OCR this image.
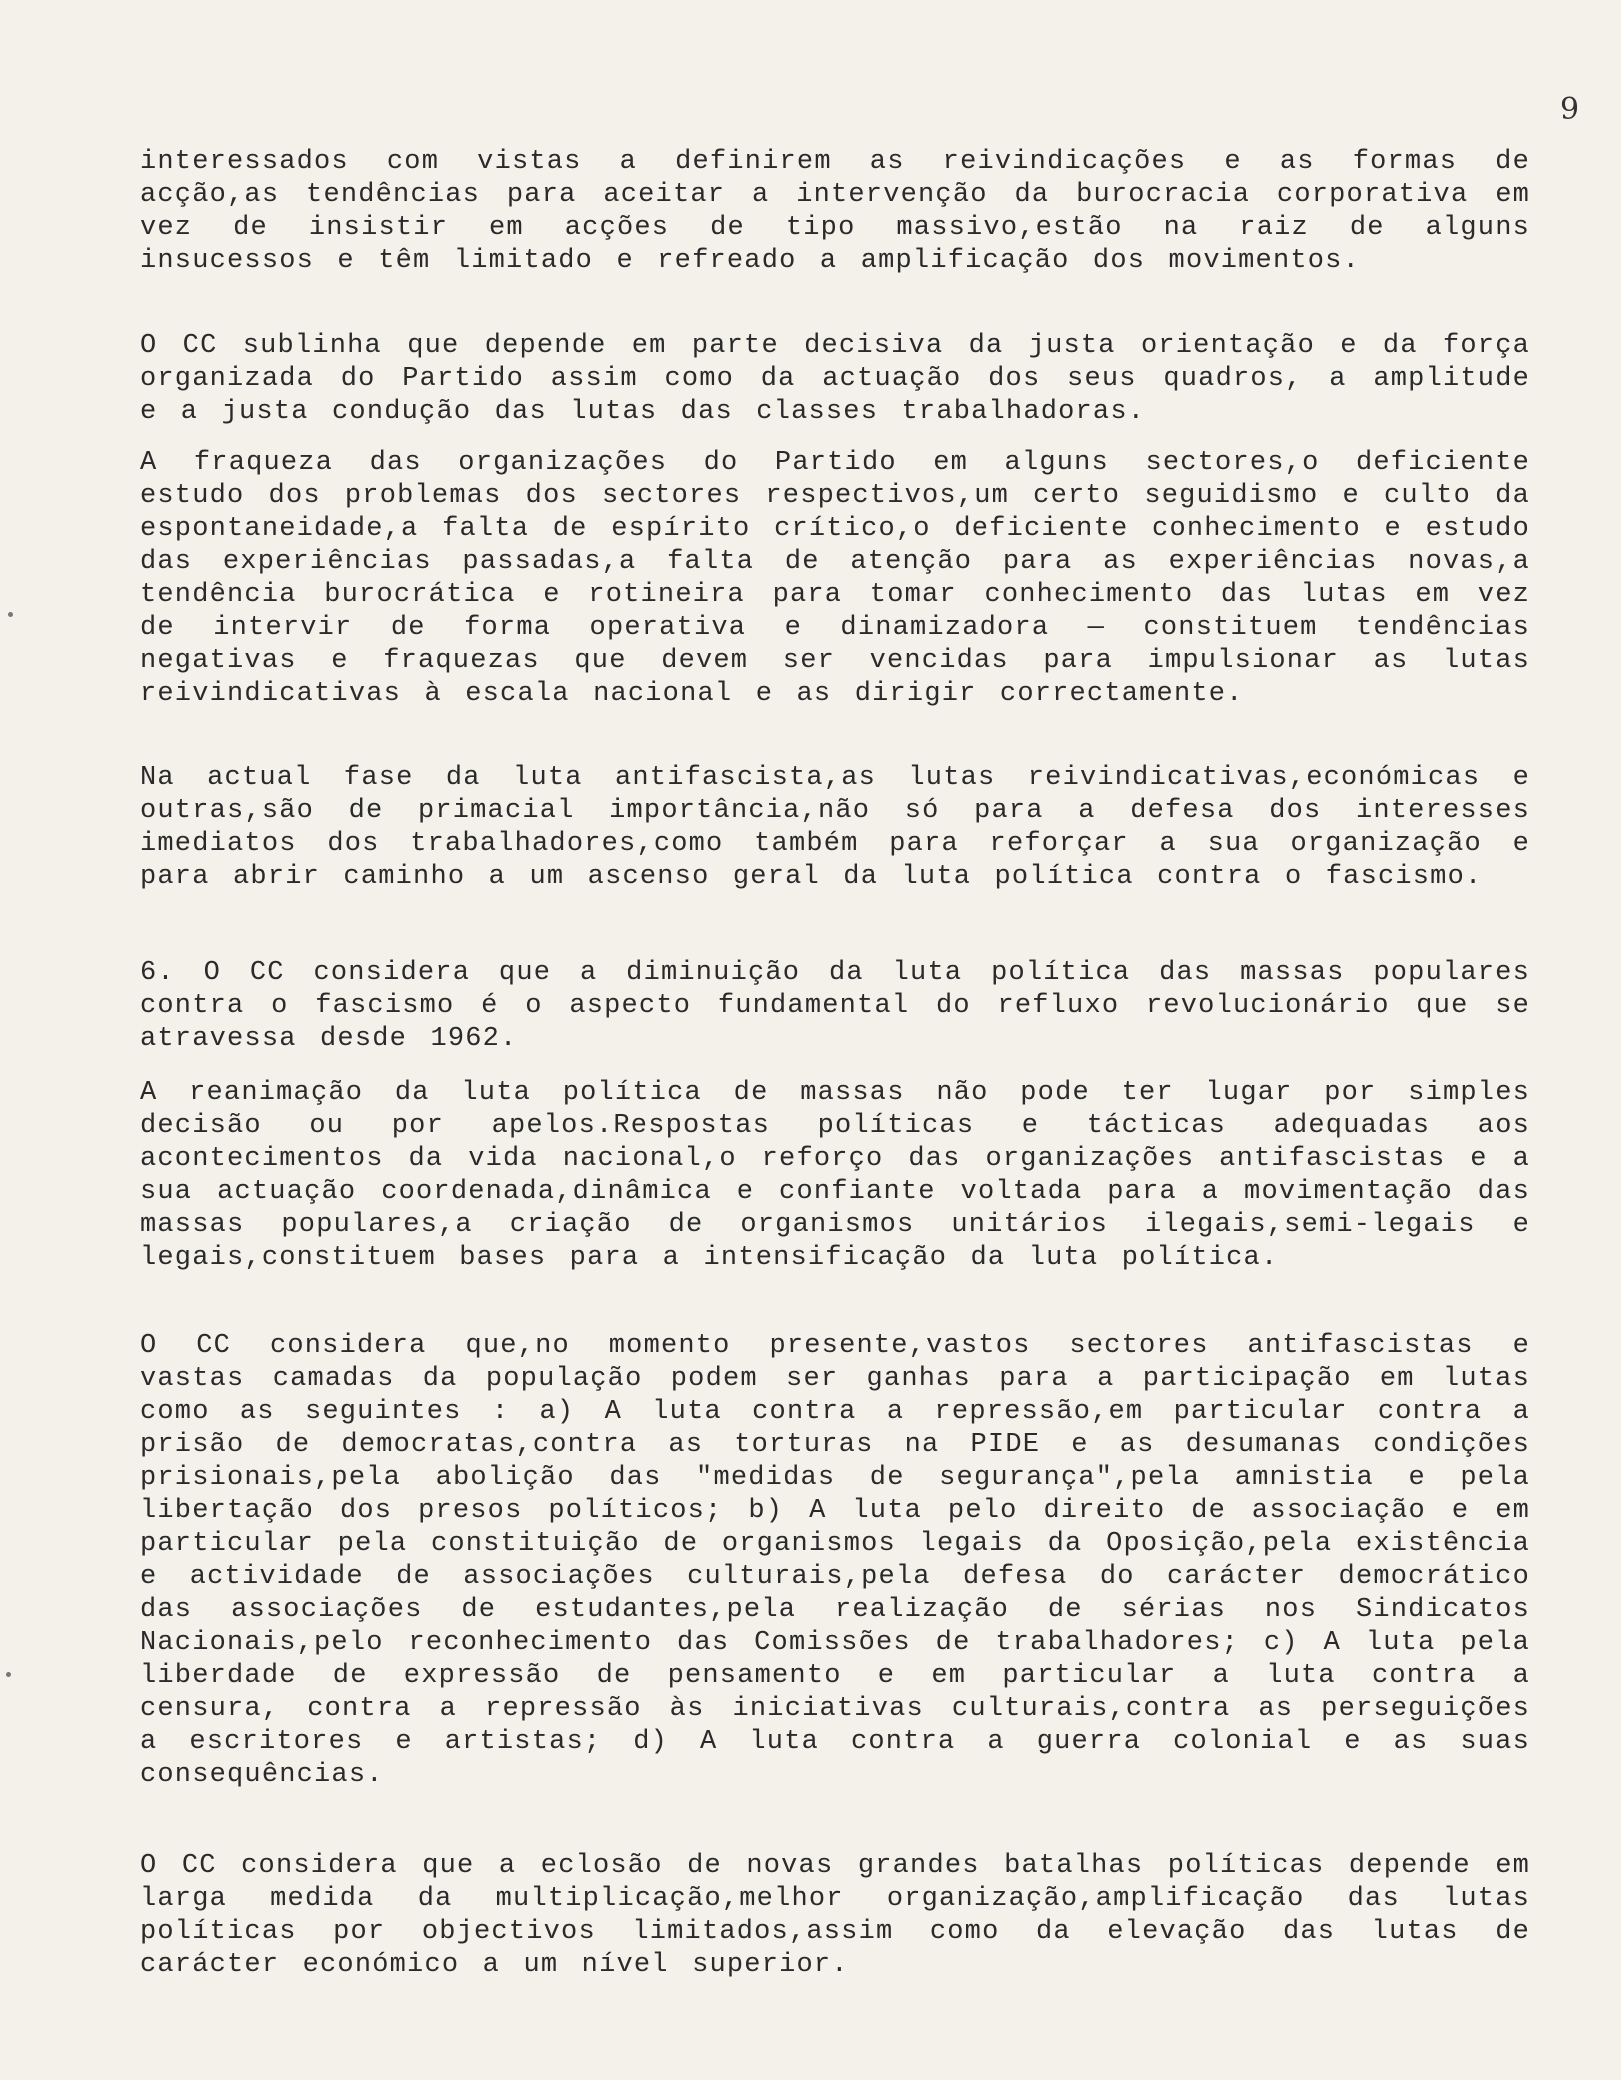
9

interessados com vistas a definirem as reivindicações e as formas de acção,as tendências para aceitar a intervenção da burocracia corporativa em vez de insistir em acções de tipo massivo,estão na raiz de alguns insucessos e têm limitado e refreado a amplificação dos movimentos.

O CC sublinha que depende em parte decisiva da justa orientação e da força organizada do Partido assim como da actuação dos seus quadros, a amplitude e a justa condução das lutas das classes trabalhadoras.

A fraqueza das organizações do Partido em alguns sectores,o deficiente estudo dos problemas dos sectores respectivos,um certo seguidismo e culto da espontaneidade,a falta de espírito crítico,o deficiente conhecimento e estudo das experiências passadas,a falta de atenção para as experiências novas,a tendência burocrática e rotineira para tomar conhecimento das lutas em vez de intervir de forma operativa e dinamizadora — constituem tendências negativas e fraquezas que devem ser vencidas para impulsionar as lutas reivindicativas à escala nacional e as dirigir correctamente.

Na actual fase da luta antifascista,as lutas reivindicativas,económicas e outras,são de primacial importância,não só para a defesa dos interesses imediatos dos trabalhadores,como também para reforçar a sua organização e para abrir caminho a um ascenso geral da luta política contra o fascismo.

6. O CC considera que a diminuição da luta política das massas populares contra o fascismo é o aspecto fundamental do refluxo revolucionário que se atravessa desde 1962.

A reanimação da luta política de massas não pode ter lugar por simples decisão ou por apelos.Respostas políticas e tácticas adequadas aos acontecimentos da vida nacional,o reforço das organizações antifascistas e a sua actuação coordenada,dinâmica e confiante voltada para a movimentação das massas populares,a criação de organismos unitários ilegais,semi-legais e legais,constituem bases para a intensificação da luta política.

O CC considera que,no momento presente,vastos sectores antifascistas e vastas camadas da população podem ser ganhas para a participação em lutas como as seguintes : a) A luta contra a repressão,em particular contra a prisão de democratas,contra as torturas na PIDE e as desumanas condições prisionais,pela abolição das "medidas de segurança",pela amnistia e pela libertação dos presos políticos; b) A luta pelo direito de associação e em particular pela constituição de organismos legais da Oposição,pela existência e actividade de associações culturais,pela defesa do carácter democrático das associações de estudantes,pela realização de sérias nos Sindicatos Nacionais,pelo reconhecimento das Comissões de trabalhadores; c) A luta pela liberdade de expressão de pensamento e em particular a luta contra a censura, contra a repressão às iniciativas culturais,contra as perseguições a escritores e artistas; d) A luta contra a guerra colonial e as suas consequências.

O CC considera que a eclosão de novas grandes batalhas políticas depende em larga medida da multiplicação,melhor organização,amplificação das lutas políticas por objectivos limitados,assim como da elevação das lutas de carácter económico a um nível superior.
